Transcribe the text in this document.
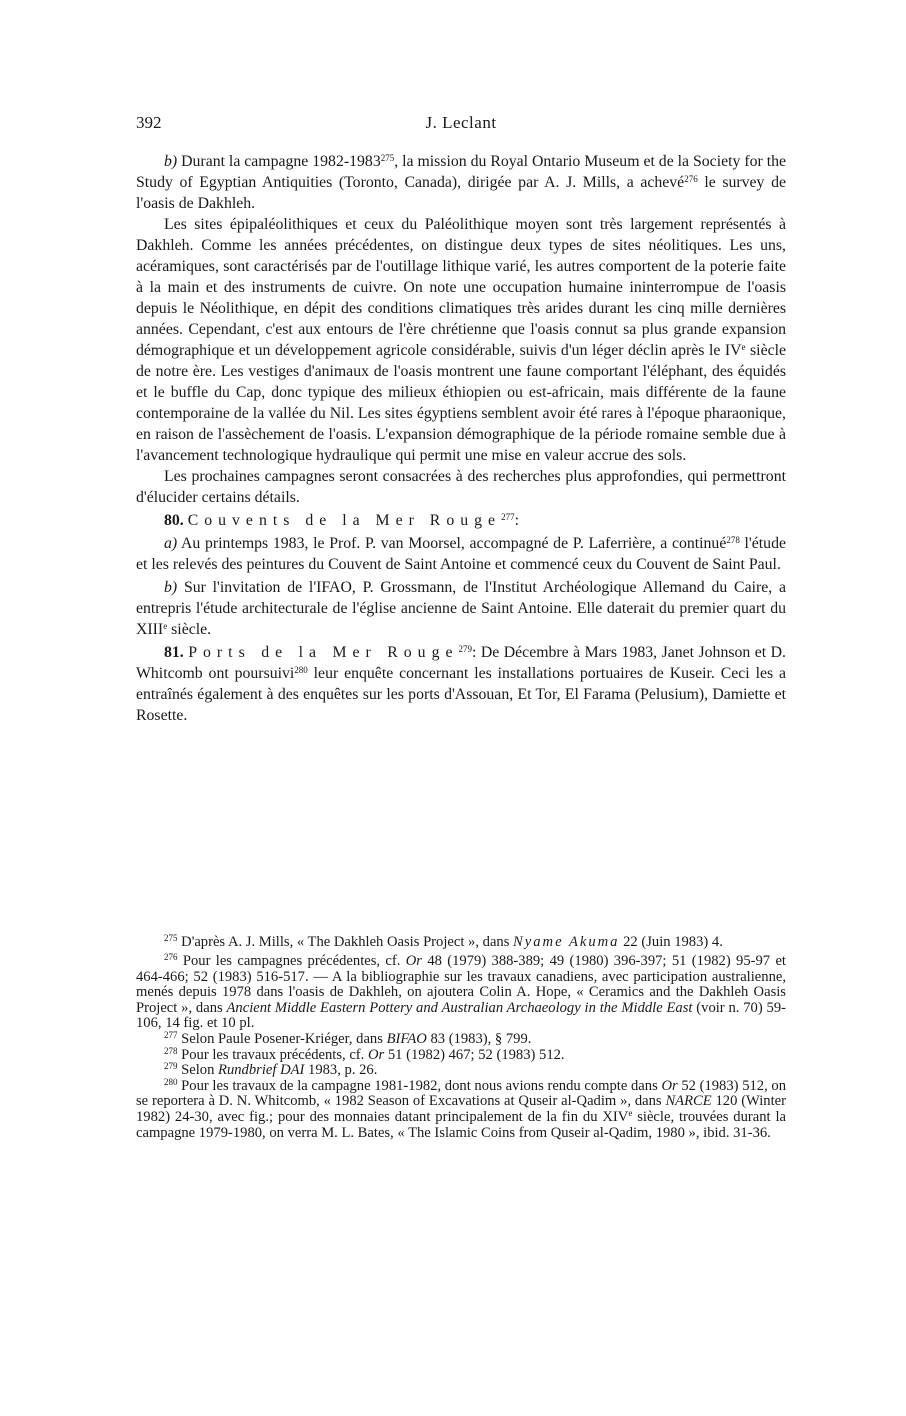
392	J. Leclant

b) Durant la campagne 1982-1983$^{275}$, la mission du Royal Ontario Museum et de la Society for the Study of Egyptian Antiquities (Toronto, Canada), dirigée par A. J. Mills, a achevé$^{276}$ le survey de l'oasis de Dakhleh.

Les sites épipaléolithiques et ceux du Paléolithique moyen sont très largement représentés à Dakhleh. Comme les années précédentes, on distingue deux types de sites néolitiques. Les uns, acéramiques, sont caractérisés par de l'outillage lithique varié, les autres comportent de la poterie faite à la main et des instruments de cuivre. On note une occupation humaine ininterrompue de l'oasis depuis le Néolithique, en dépit des conditions climatiques très arides durant les cinq mille dernières années. Cependant, c'est aux entours de l'ère chrétienne que l'oasis connut sa plus grande expansion démographique et un développement agricole considérable, suivis d'un léger déclin après le IVe siècle de notre ère. Les vestiges d'animaux de l'oasis montrent une faune comportant l'éléphant, des équidés et le buffle du Cap, donc typique des milieux éthiopien ou est-africain, mais différente de la faune contemporaine de la vallée du Nil. Les sites égyptiens semblent avoir été rares à l'époque pharaonique, en raison de l'assèchement de l'oasis. L'expansion démographique de la période romaine semble due à l'avancement technologique hydraulique qui permit une mise en valeur accrue des sols.

Les prochaines campagnes seront consacrées à des recherches plus approfondies, qui permettront d'élucider certains détails.

80. Couvents de la Mer Rouge$^{277}$:

a) Au printemps 1983, le Prof. P. van Moorsel, accompagné de P. Laferrière, a continué$^{278}$ l'étude et les relevés des peintures du Couvent de Saint Antoine et commencé ceux du Couvent de Saint Paul.

b) Sur l'invitation de l'IFAO, P. Grossmann, de l'Institut Archéologique Allemand du Caire, a entrepris l'étude architecturale de l'église ancienne de Saint Antoine. Elle daterait du premier quart du XIIIe siècle.

81. Ports de la Mer Rouge$^{279}$: De Décembre à Mars 1983, Janet Johnson et D. Whitcomb ont poursuivi$^{280}$ leur enquête concernant les installations portuaires de Kuseir. Ceci les a entraînés également à des enquêtes sur les ports d'Assouan, Et Tor, El Farama (Pelusium), Damiette et Rosette.

$^{275}$ D'après A. J. Mills, « The Dakhleh Oasis Project », dans Nyame Akuma 22 (Juin 1983) 4.

$^{276}$ Pour les campagnes précédentes, cf. Or 48 (1979) 388-389; 49 (1980) 396-397; 51 (1982) 95-97 et 464-466; 52 (1983) 516-517. — A la bibliographie sur les travaux canadiens, avec participation australienne, menés depuis 1978 dans l'oasis de Dakhleh, on ajoutera Colin A. Hope, « Ceramics and the Dakhleh Oasis Project », dans Ancient Middle Eastern Pottery and Australian Archaeology in the Middle East (voir n. 70) 59-106, 14 fig. et 10 pl.

$^{277}$ Selon Paule Posener-Kriéger, dans BIFAO 83 (1983), § 799.

$^{278}$ Pour les travaux précédents, cf. Or 51 (1982) 467; 52 (1983) 512.

$^{279}$ Selon Rundbrief DAI 1983, p. 26.

$^{280}$ Pour les travaux de la campagne 1981-1982, dont nous avions rendu compte dans Or 52 (1983) 512, on se reportera à D. N. Whitcomb, « 1982 Season of Excavations at Quseir al-Qadim », dans NARCE 120 (Winter 1982) 24-30, avec fig.; pour des monnaies datant principalement de la fin du XIVe siècle, trouvées durant la campagne 1979-1980, on verra M. L. Bates, « The Islamic Coins from Quseir al-Qadim, 1980 », ibid. 31-36.
